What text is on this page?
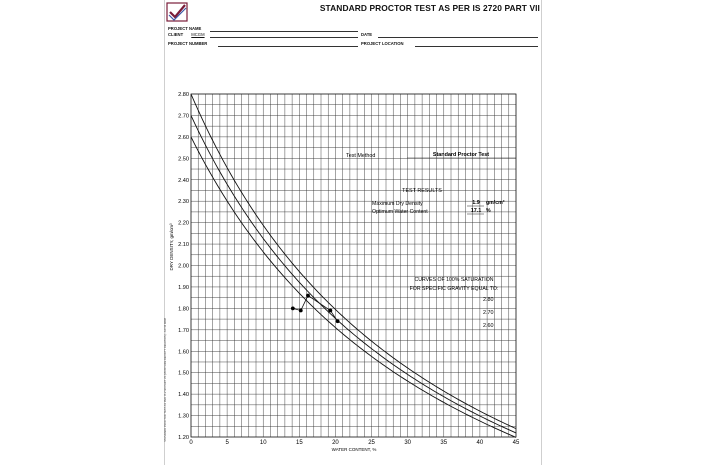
STANDARD PROCTOR TEST AS PER IS 2720 PART VII
PROJECT NAME
CLIENT MCGM	DATE
PROJECT NUMBER	PROJECT LOCATION
0	5	10	15	20	25	30	35	40	45
1.20
1.30
1.40
1.50
1.60
1.70
1.80
1.90
2.00
2.10
2.20
2.30
2.40
2.50
2.60
2.70
2.80
WATER CONTENT, %
DRY DENSITY, gm/cm³
STANDARD PROCTOR TEST AS PER IS 2720 PART VII (MOISTURE DENSITY RELATION) - ASTM D698
Test Method	Standard Proctor Test
TEST RESULTS
Maximum Dry Density	1.9 gm/cm³
Optimum Water Content	17.1 %
CURVES OF 100% SATURATION
FOR SPECIFIC GRAVITY EQUAL TO:
2.80
2.70
2.60
